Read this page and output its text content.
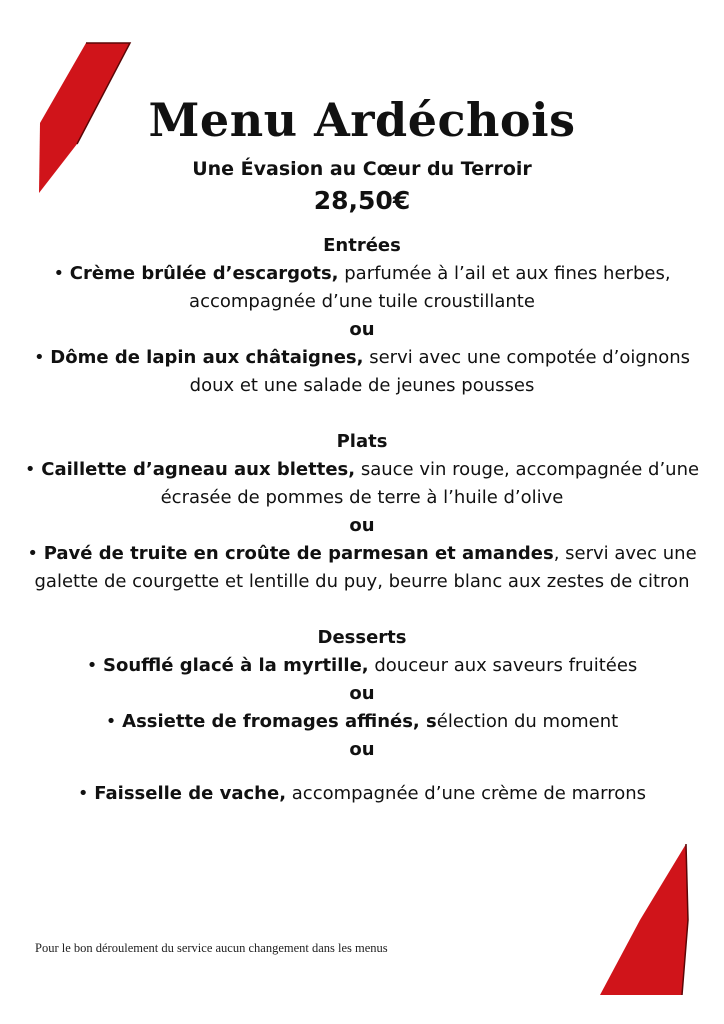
Menu Ardéchois
Une Évasion au Cœur du Terroir
28,50€
Entrées

• Crème brûlée d’escargots, parfumée à l’ail et aux fines herbes, accompagnée d’une tuile croustillante

ou

• Dôme de lapin aux châtaignes, servi avec une compotée d’oignons doux et une salade de jeunes pousses

Plats

• Caillette d’agneau aux blettes, sauce vin rouge, accompagnée d’une écrasée de pommes de terre à l’huile d’olive

ou

• Pavé de truite en croûte de parmesan et amandes, servi avec une galette de courgette et lentille du puy, beurre blanc aux zestes de citron

Desserts

• Soufflé glacé à la myrtille, douceur aux saveurs fruitées

ou

• Assiette de fromages affinés, sélection du moment

ou

• Faisselle de vache, accompagnée d’une crème de marrons

Pour le bon déroulement du service aucun changement dans les menus
